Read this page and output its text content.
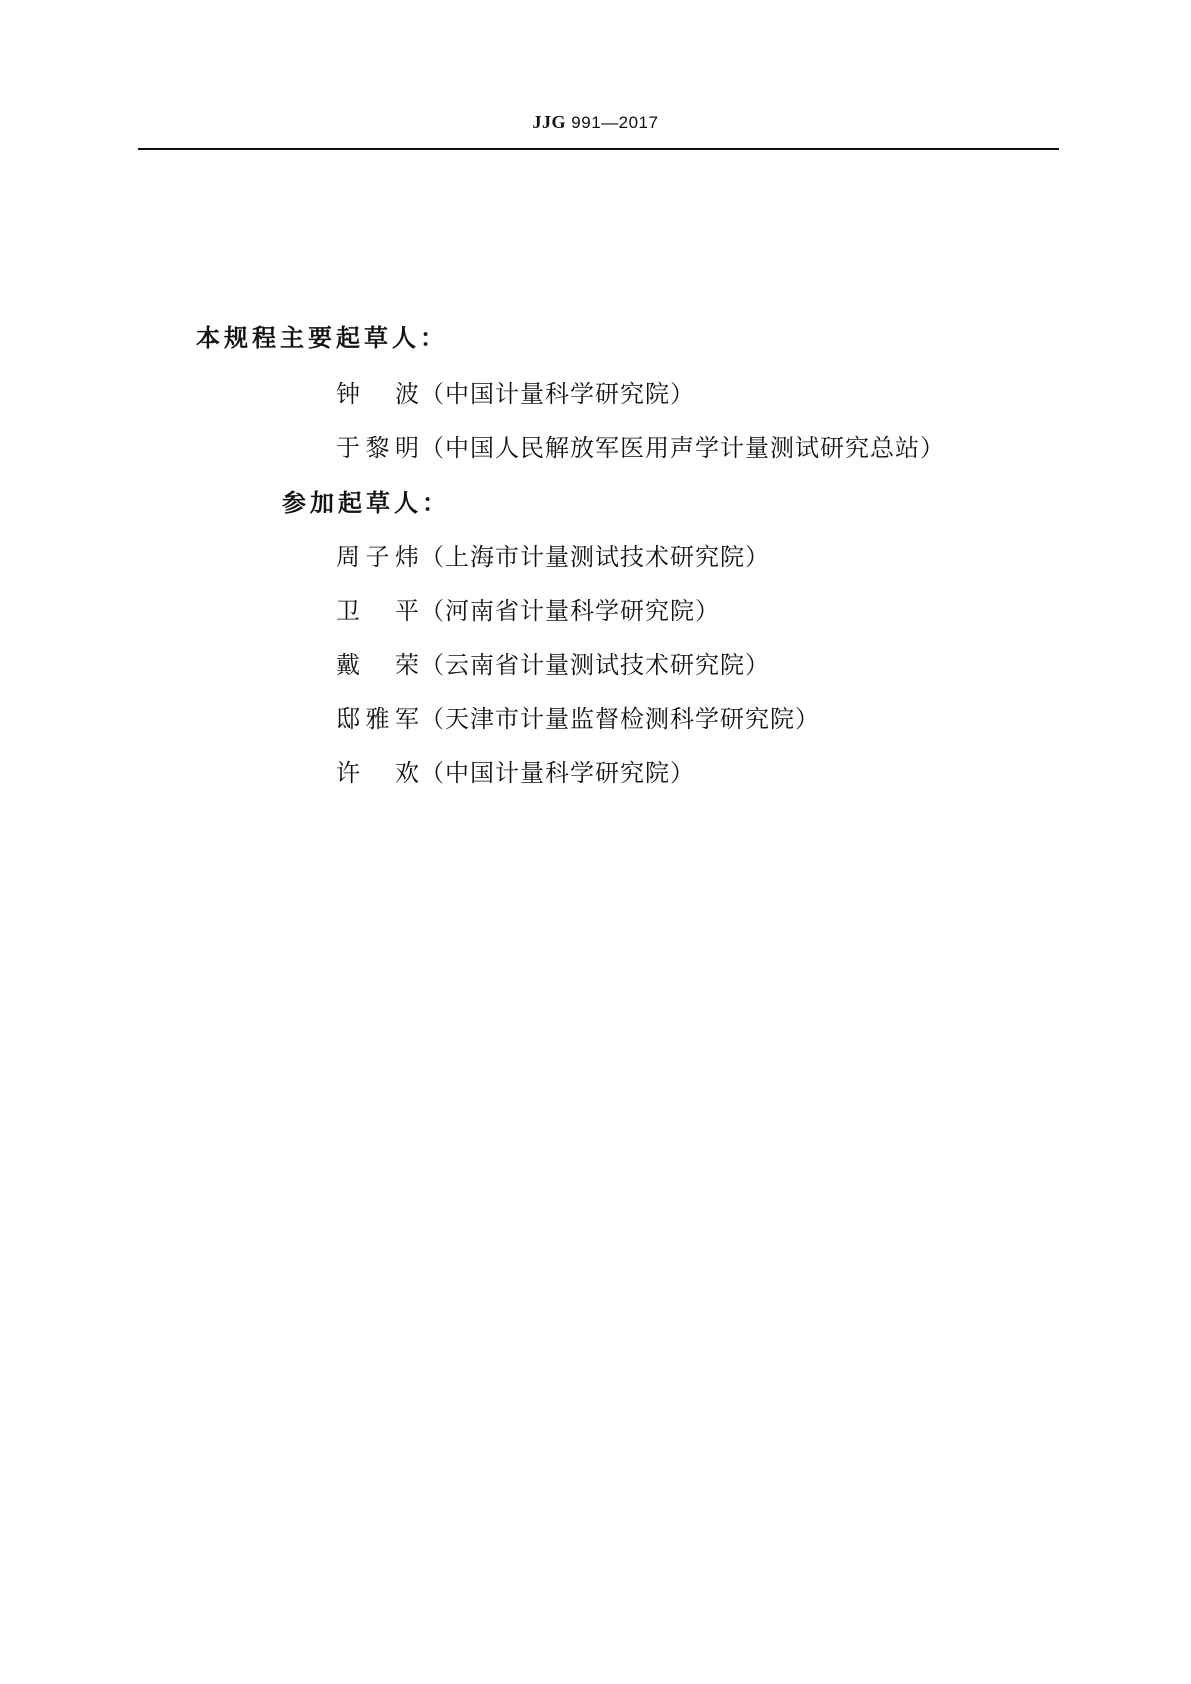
JJG 991—2017
本规程主要起草人：
钟 波（中国计量科学研究院）
于黎明（中国人民解放军医用声学计量测试研究总站）
参加起草人：
周子炜（上海市计量测试技术研究院）
卫 平（河南省计量科学研究院）
戴 荣（云南省计量测试技术研究院）
邸雅军（天津市计量监督检测科学研究院）
许 欢（中国计量科学研究院）
